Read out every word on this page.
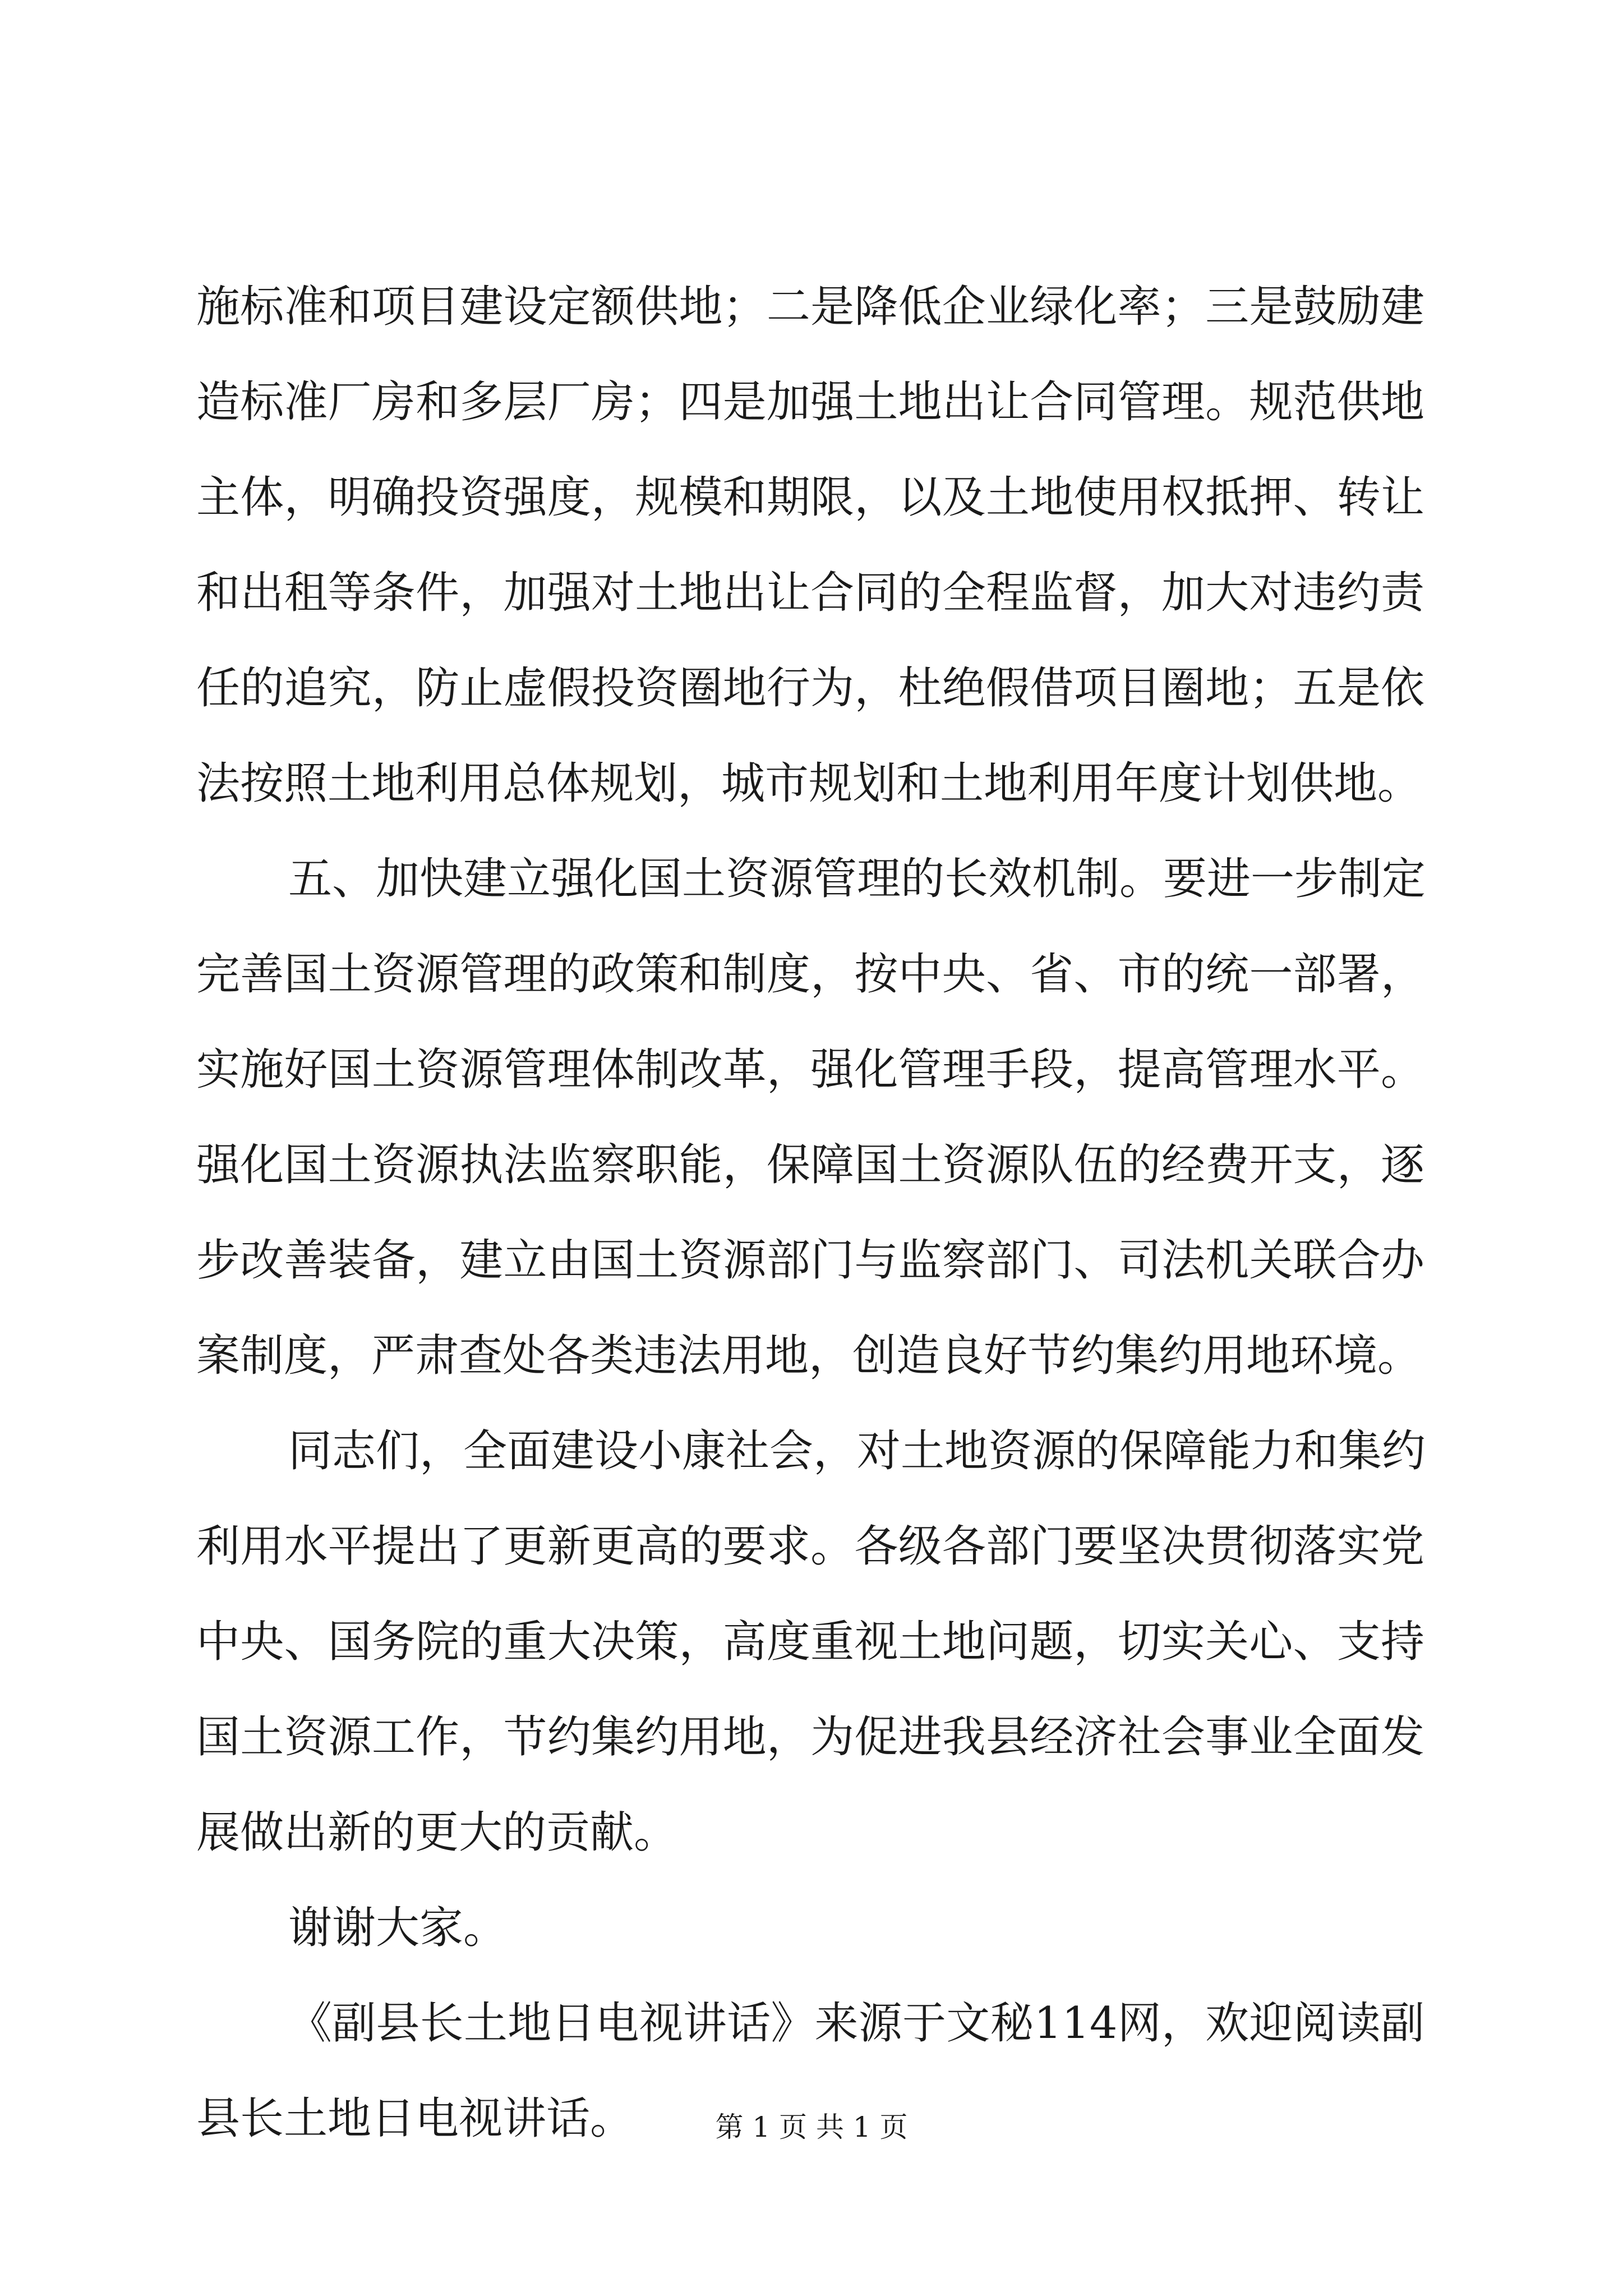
施标准和项目建设定额供地；二是降低企业绿化率；三是鼓励建
造标准厂房和多层厂房；四是加强土地出让合同管理。规范供地
主体，明确投资强度，规模和期限，以及土地使用权抵押、转让
和出租等条件，加强对土地出让合同的全程监督，加大对违约责
任的追究，防止虚假投资圈地行为，杜绝假借项目圈地；五是依
法按照土地利用总体规划，城市规划和土地利用年度计划供地。
五、加快建立强化国土资源管理的长效机制。要进一步制定
完善国土资源管理的政策和制度，按中央、省、市的统一部署，
实施好国土资源管理体制改革，强化管理手段，提高管理水平。
强化国土资源执法监察职能，保障国土资源队伍的经费开支，逐
步改善装备，建立由国土资源部门与监察部门、司法机关联合办
案制度，严肃查处各类违法用地，创造良好节约集约用地环境。
同志们，全面建设小康社会，对土地资源的保障能力和集约
利用水平提出了更新更高的要求。各级各部门要坚决贯彻落实党
中央、国务院的重大决策，高度重视土地问题，切实关心、支持
国土资源工作，节约集约用地，为促进我县经济社会事业全面发
展做出新的更大的贡献。
谢谢大家。
《副县长土地日电视讲话》来源于文秘114网，欢迎阅读副
县长土地日电视讲话。	第 1 页 共 1 页
